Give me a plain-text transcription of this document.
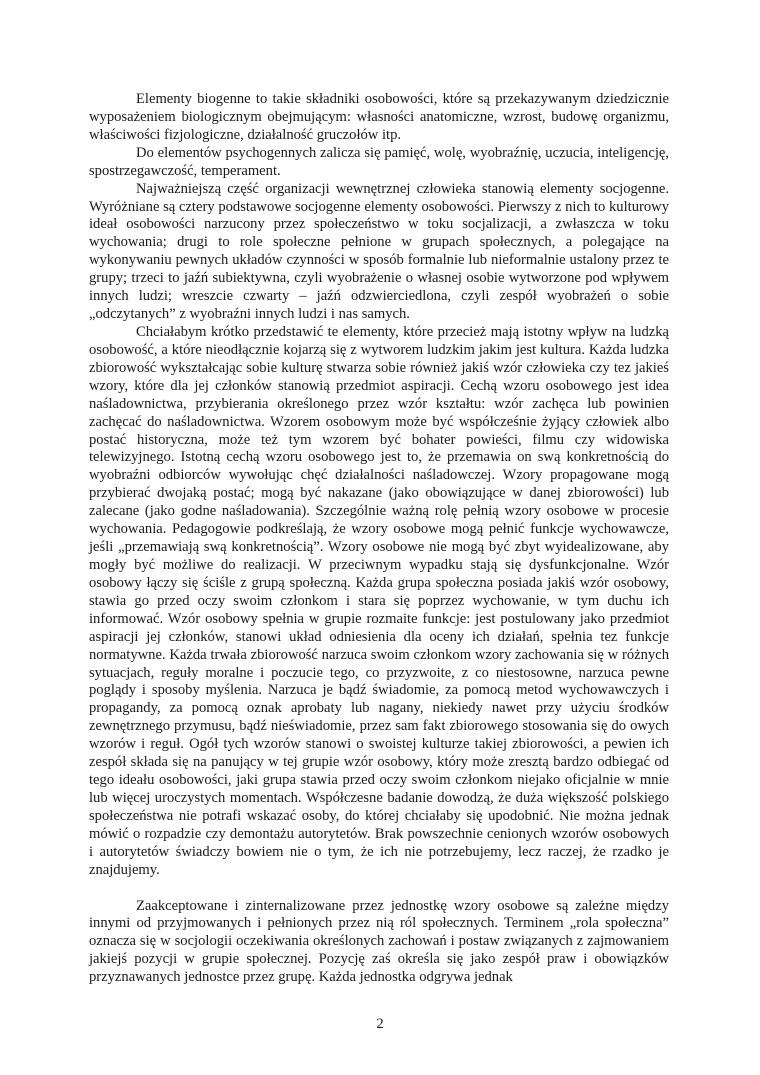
Elementy biogenne to takie składniki osobowości, które są przekazywanym dziedzicznie wyposażeniem biologicznym obejmującym: własności anatomiczne, wzrost, budowę organizmu, właściwości fizjologiczne, działalność gruczołów itp.

Do elementów psychogennych zalicza się pamięć, wolę, wyobraźnię, uczucia, inteligencję, spostrzegawczość, temperament.

Najważniejszą część organizacji wewnętrznej człowieka stanowią elementy socjogenne. Wyróżniane są cztery podstawowe socjogenne elementy osobowości. Pierwszy z nich to kulturowy ideał osobowości narzucony przez społeczeństwo w toku socjalizacji, a zwłaszcza w toku wychowania; drugi to role społeczne pełnione w grupach społecznych, a polegające na wykonywaniu pewnych układów czynności w sposób formalnie lub nieformalnie ustalony przez te grupy; trzeci to jaźń subiektywna, czyli wyobrażenie o własnej osobie wytworzone pod wpływem innych ludzi; wreszcie czwarty – jaźń odzwierciedlona, czyli zespół wyobrażeń o sobie „odczytanych” z wyobraźni innych ludzi i nas samych.

Chciałabym krótko przedstawić te elementy, które przecież mają istotny wpływ na ludzką osobowość, a które nieodłącznie kojarzą się z wytworem ludzkim jakim jest kultura. Każda ludzka zbiorowość wykształcając sobie kulturę stwarza sobie również jakiś wzór człowieka czy tez jakieś wzory, które dla jej członków stanowią przedmiot aspiracji. Cechą wzoru osobowego jest idea naśladownictwa, przybierania określonego przez wzór kształtu: wzór zachęca lub powinien zachęcać do naśladownictwa. Wzorem osobowym może być współcześnie żyjący człowiek albo postać historyczna, może też tym wzorem być bohater powieści, filmu czy widowiska telewizyjnego. Istotną cechą wzoru osobowego jest to, że przemawia on swą konkretnością do wyobraźni odbiorców wywołując chęć działalności naśladowczej. Wzory propagowane mogą przybierać dwojaką postać; mogą być nakazane (jako obowiązujące w danej zbiorowości) lub zalecane (jako godne naśladowania). Szczególnie ważną rolę pełnią wzory osobowe w procesie wychowania. Pedagogowie podkreślają, że wzory osobowe mogą pełnić funkcje wychowawcze, jeśli „przemawiają swą konkretnością”. Wzory osobowe nie mogą być zbyt wyidealizowane, aby mogły być możliwe do realizacji. W przeciwnym wypadku stają się dysfunkcjonalne. Wzór osobowy łączy się ściśle z grupą społeczną. Każda grupa społeczna posiada jakiś wzór osobowy, stawia go przed oczy swoim członkom i stara się poprzez wychowanie, w tym duchu ich informować. Wzór osobowy spełnia w grupie rozmaite funkcje: jest postulowany jako przedmiot aspiracji jej członków, stanowi układ odniesienia dla oceny ich działań, spełnia tez funkcje normatywne. Każda trwała zbiorowość narzuca swoim członkom wzory zachowania się w różnych sytuacjach, reguły moralne i poczucie tego, co przyzwoite, z co niestosowne, narzuca pewne poglądy i sposoby myślenia. Narzuca je bądź świadomie, za pomocą metod wychowawczych i propagandy, za pomocą oznak aprobaty lub nagany, niekiedy nawet przy użyciu środków zewnętrznego przymusu, bądź nieświadomie, przez sam fakt zbiorowego stosowania się do owych wzorów i reguł. Ogół tych wzorów stanowi o swoistej kulturze takiej zbiorowości, a pewien ich zespół składa się na panujący w tej grupie wzór osobowy, który może zresztą bardzo odbiegać od tego ideału osobowości, jaki grupa stawia przed oczy swoim członkom niejako oficjalnie w mnie lub więcej uroczystych momentach. Współczesne badanie dowodzą, że duża większość polskiego społeczeństwa nie potrafi wskazać osoby, do której chciałaby się upodobnić. Nie można jednak mówić o rozpadzie czy demontażu autorytetów. Brak powszechnie cenionych wzorów osobowych i autorytetów świadczy bowiem nie o tym, że ich nie potrzebujemy, lecz raczej, że rzadko je znajdujemy.

Zaakceptowane i zinternalizowane przez jednostkę wzory osobowe są zależne między innymi od przyjmowanych i pełnionych przez nią ról społecznych. Terminem „rola społeczna” oznacza się w socjologii oczekiwania określonych zachowań i postaw związanych z zajmowaniem jakiejś pozycji w grupie społecznej. Pozycję zaś określa się jako zespół praw i obowiązków przyznawanych jednostce przez grupę. Każda jednostka odgrywa jednak

2
